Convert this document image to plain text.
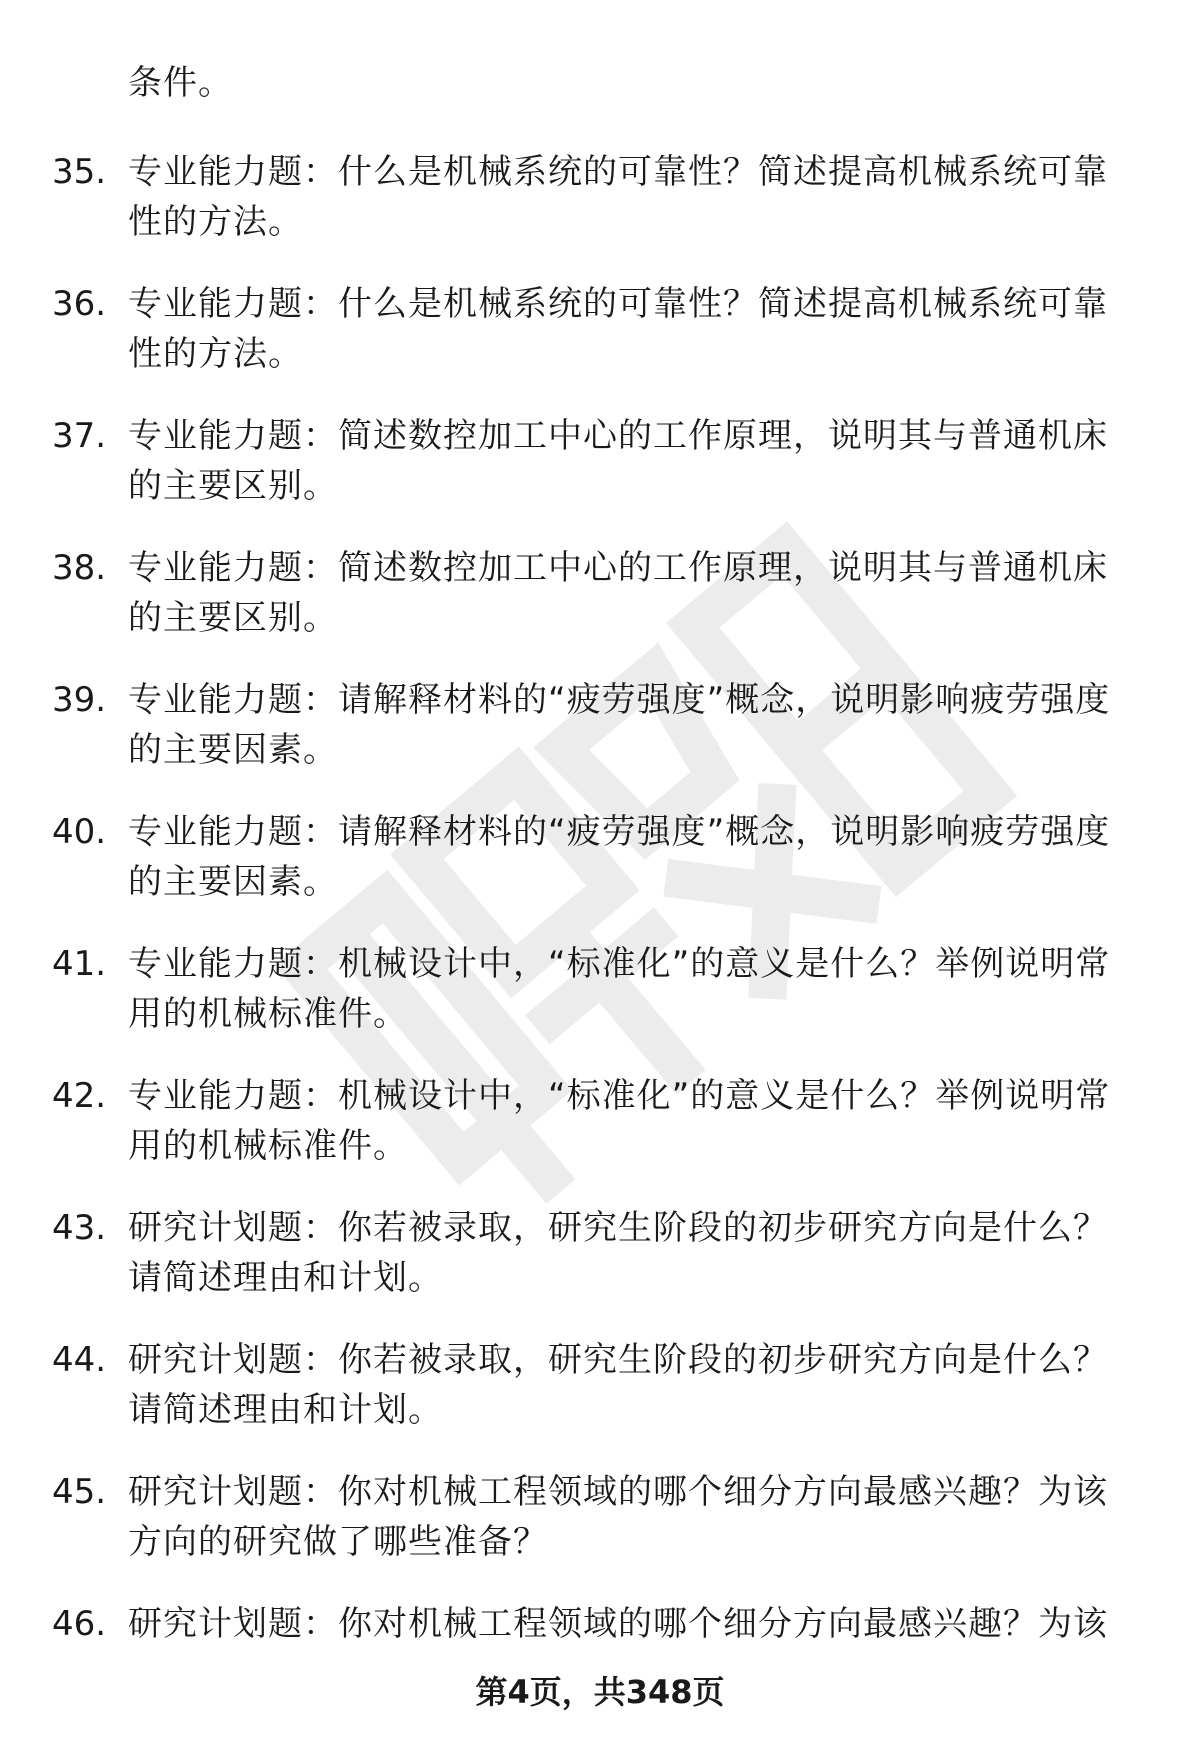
条件。
35. 专业能力题：什么是机械系统的可靠性？简述提高机械系统可靠性的方法。
36. 专业能力题：什么是机械系统的可靠性？简述提高机械系统可靠性的方法。
37. 专业能力题：简述数控加工中心的工作原理，说明其与普通机床的主要区别。
38. 专业能力题：简述数控加工中心的工作原理，说明其与普通机床的主要区别。
39. 专业能力题：请解释材料的“疲劳强度”概念，说明影响疲劳强度的主要因素。
40. 专业能力题：请解释材料的“疲劳强度”概念，说明影响疲劳强度的主要因素。
41. 专业能力题：机械设计中，“标准化”的意义是什么？举例说明常用的机械标准件。
42. 专业能力题：机械设计中，“标准化”的意义是什么？举例说明常用的机械标准件。
43. 研究计划题：你若被录取，研究生阶段的初步研究方向是什么？请简述理由和计划。
44. 研究计划题：你若被录取，研究生阶段的初步研究方向是什么？请简述理由和计划。
45. 研究计划题：你对机械工程领域的哪个细分方向最感兴趣？为该方向的研究做了哪些准备？
46. 研究计划题：你对机械工程领域的哪个细分方向最感兴趣？为该
第4页，共348页
